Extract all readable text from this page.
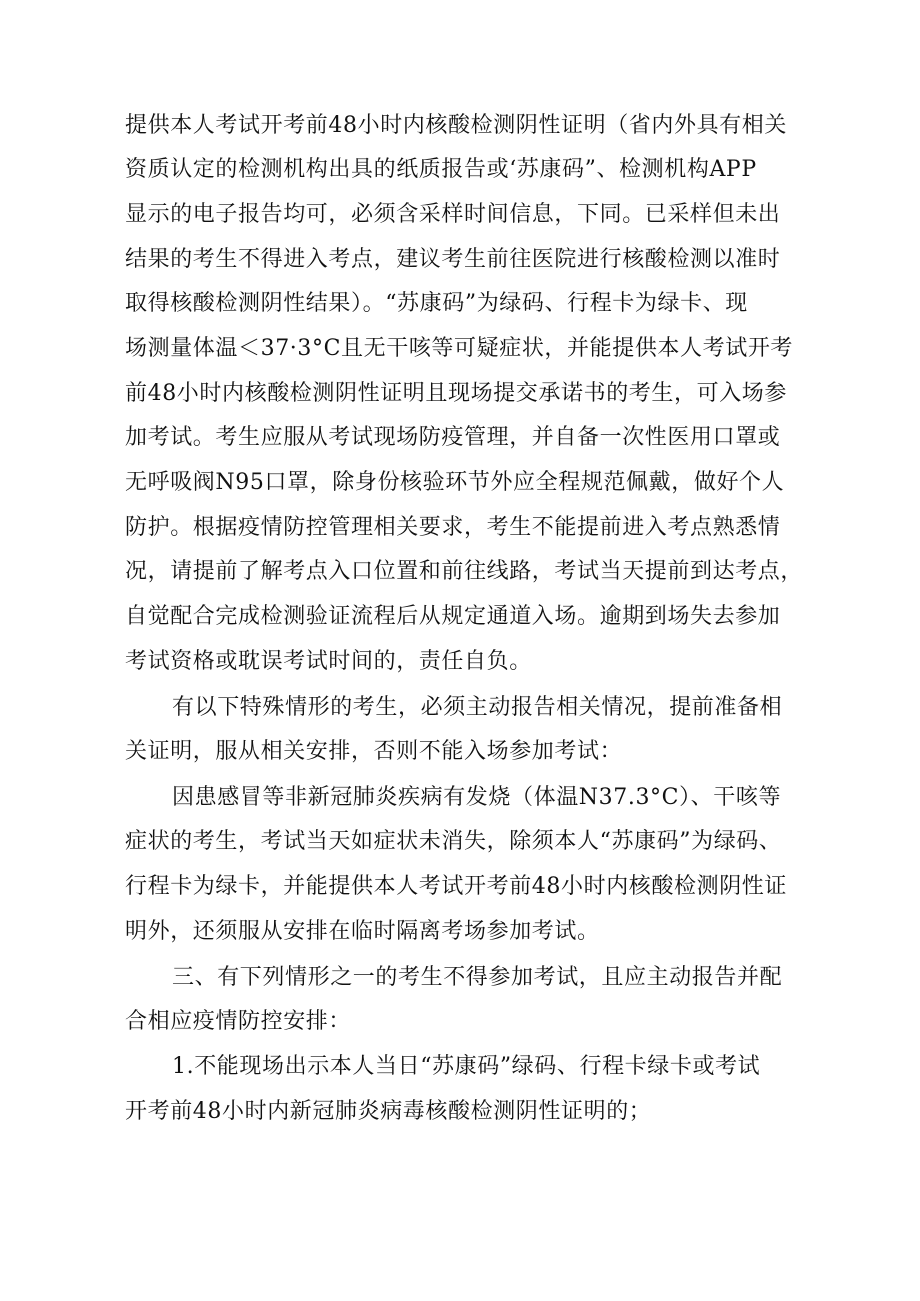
提供本人考试开考前48小时内核酸检测阴性证明（省内外具有相关
资质认定的检测机构出具的纸质报告或‘苏康码”、检测机构APP
显示的电子报告均可，必须含采样时间信息，下同。已采样但未出
结果的考生不得进入考点，建议考生前往医院进行核酸检测以准时
取得核酸检测阴性结果）。“苏康码”为绿码、行程卡为绿卡、现
场测量体温＜37·3°C且无干咳等可疑症状，并能提供本人考试开考
前48小时内核酸检测阴性证明且现场提交承诺书的考生，可入场参
加考试。考生应服从考试现场防疫管理，并自备一次性医用口罩或
无呼吸阀N95口罩，除身份核验环节外应全程规范佩戴，做好个人
防护。根据疫情防控管理相关要求，考生不能提前进入考点熟悉情
况，请提前了解考点入口位置和前往线路，考试当天提前到达考点，
自觉配合完成检测验证流程后从规定通道入场。逾期到场失去参加
考试资格或耽误考试时间的，责任自负。
有以下特殊情形的考生，必须主动报告相关情况，提前准备相
关证明，服从相关安排，否则不能入场参加考试：
因患感冒等非新冠肺炎疾病有发烧（体温N37.3°C）、干咳等
症状的考生，考试当天如症状未消失，除须本人“苏康码”为绿码、
行程卡为绿卡，并能提供本人考试开考前48小时内核酸检测阴性证
明外，还须服从安排在临时隔离考场参加考试。
三、有下列情形之一的考生不得参加考试，且应主动报告并配
合相应疫情防控安排：
1.不能现场出示本人当日“苏康码”绿码、行程卡绿卡或考试
开考前48小时内新冠肺炎病毒核酸检测阴性证明的；
